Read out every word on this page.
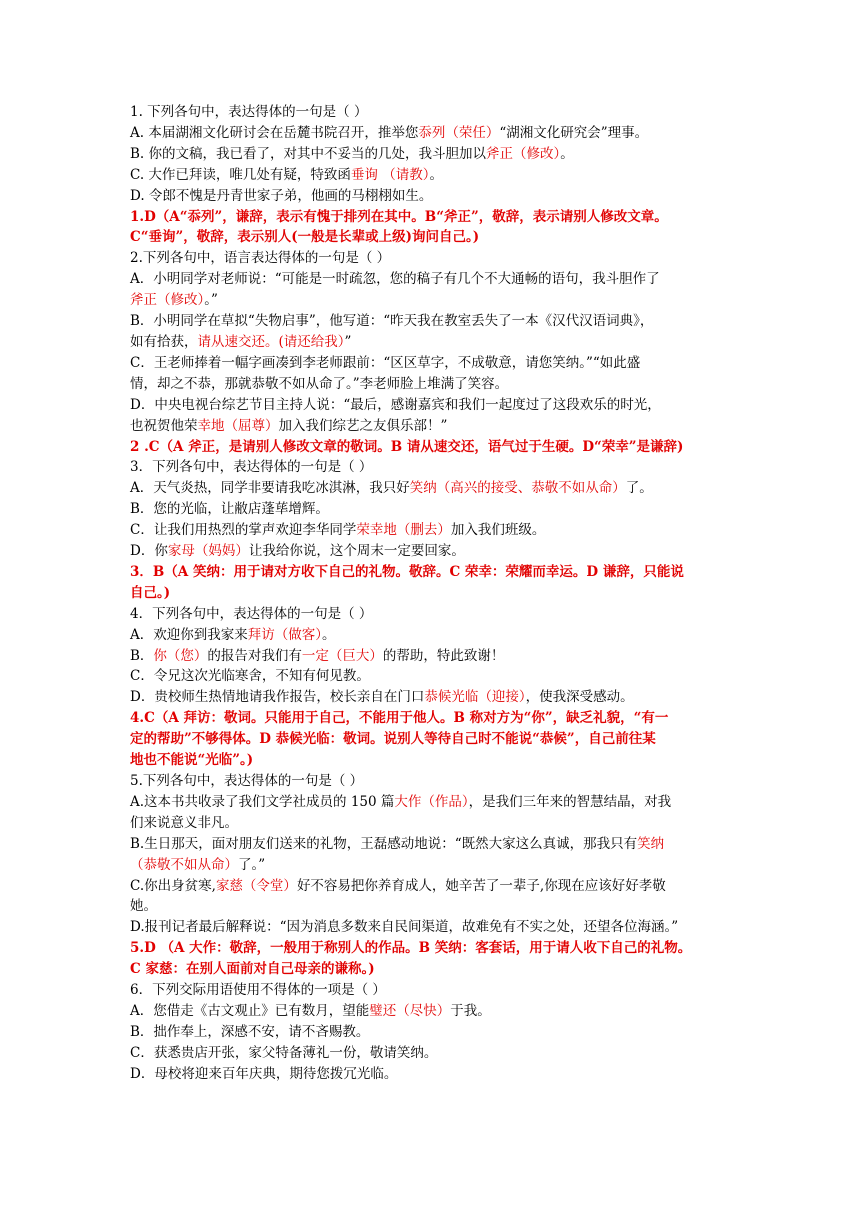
1. 下列各句中，表达得体的一句是（ ）
A. 本届湖湘文化研讨会在岳麓书院召开，推举您忝列（荣任）“湖湘文化研究会”理事。
B. 你的文稿，我已看了，对其中不妥当的几处，我斗胆加以斧正（修改）。
C. 大作已拜读，唯几处有疑，特致函垂询 （请教）。
D. 令郎不愧是丹青世家子弟，他画的马栩栩如生。
1.D（A“忝列”，谦辞，表示有愧于排列在其中。B“斧正”，敬辞，表示请别人修改文章。
C“垂询”，敬辞，表示别人(一般是长辈或上级)询问自己。)
2.下列各句中，语言表达得体的一句是（ ）
A．小明同学对老师说：“可能是一时疏忽，您的稿子有几个不大通畅的语句，我斗胆作了
斧正（修改）。”
B．小明同学在草拟“失物启事”，他写道：“昨天我在教室丢失了一本《汉代汉语词典》，
如有拾获，请从速交还。(请还给我）”
C．王老师捧着一幅字画凑到李老师跟前：“区区草字，不成敬意，请您笑纳。”“如此盛
情，却之不恭，那就恭敬不如从命了。”李老师脸上堆满了笑容。
D．中央电视台综艺节目主持人说：“最后，感谢嘉宾和我们一起度过了这段欢乐的时光，
也祝贺他荣幸地（屈尊）加入我们综艺之友俱乐部！”
2 .C（A 斧正，是请别人修改文章的敬词。B 请从速交还，语气过于生硬。D“荣幸”是谦辞)
3．下列各句中，表达得体的一句是（ ）
A．天气炎热，同学非要请我吃冰淇淋，我只好笑纳（高兴的接受、恭敬不如从命）了。
B．您的光临，让敝店蓬荜增辉。
C．让我们用热烈的掌声欢迎李华同学荣幸地（删去）加入我们班级。
D．你家母（妈妈）让我给你说，这个周末一定要回家。
3．B（A 笑纳：用于请对方收下自己的礼物。敬辞。C 荣幸：荣耀而幸运。D 谦辞，只能说
自己。)
4．下列各句中，表达得体的一句是（ ）
A．欢迎你到我家来拜访（做客）。
B．你（您）的报告对我们有一定（巨大）的帮助，特此致谢！
C．令兄这次光临寒舍，不知有何见教。
D．贵校师生热情地请我作报告，校长亲自在门口恭候光临（迎接），使我深受感动。
4.C（A 拜访：敬词。只能用于自己，不能用于他人。B 称对方为“你”，缺乏礼貌，“有一
定的帮助”不够得体。D 恭候光临：敬词。说别人等待自己时不能说“恭候”，自己前往某
地也不能说“光临”。)
5.下列各句中，表达得体的一句是（ ）
A.这本书共收录了我们文学社成员的 150 篇大作（作品），是我们三年来的智慧结晶，对我
们来说意义非凡。
B.生日那天，面对朋友们送来的礼物，王磊感动地说：“既然大家这么真诚，那我只有笑纳
（恭敬不如从命）了。”
C.你出身贫寒,家慈（令堂）好不容易把你养育成人，她辛苦了一辈子,你现在应该好好孝敬
她。
D.报刊记者最后解释说：“因为消息多数来自民间渠道，故难免有不实之处，还望各位海涵。”
5.D （A 大作：敬辞，一般用于称别人的作品。B 笑纳：客套话，用于请人收下自己的礼物。
C 家慈：在别人面前对自己母亲的谦称。)
6．下列交际用语使用不得体的一项是（ ）
A．您借走《古文观止》已有数月，望能璧还（尽快）于我。
B．拙作奉上，深感不安，请不吝赐教。
C．获悉贵店开张，家父特备薄礼一份，敬请笑纳。
D．母校将迎来百年庆典，期待您拨冗光临。
